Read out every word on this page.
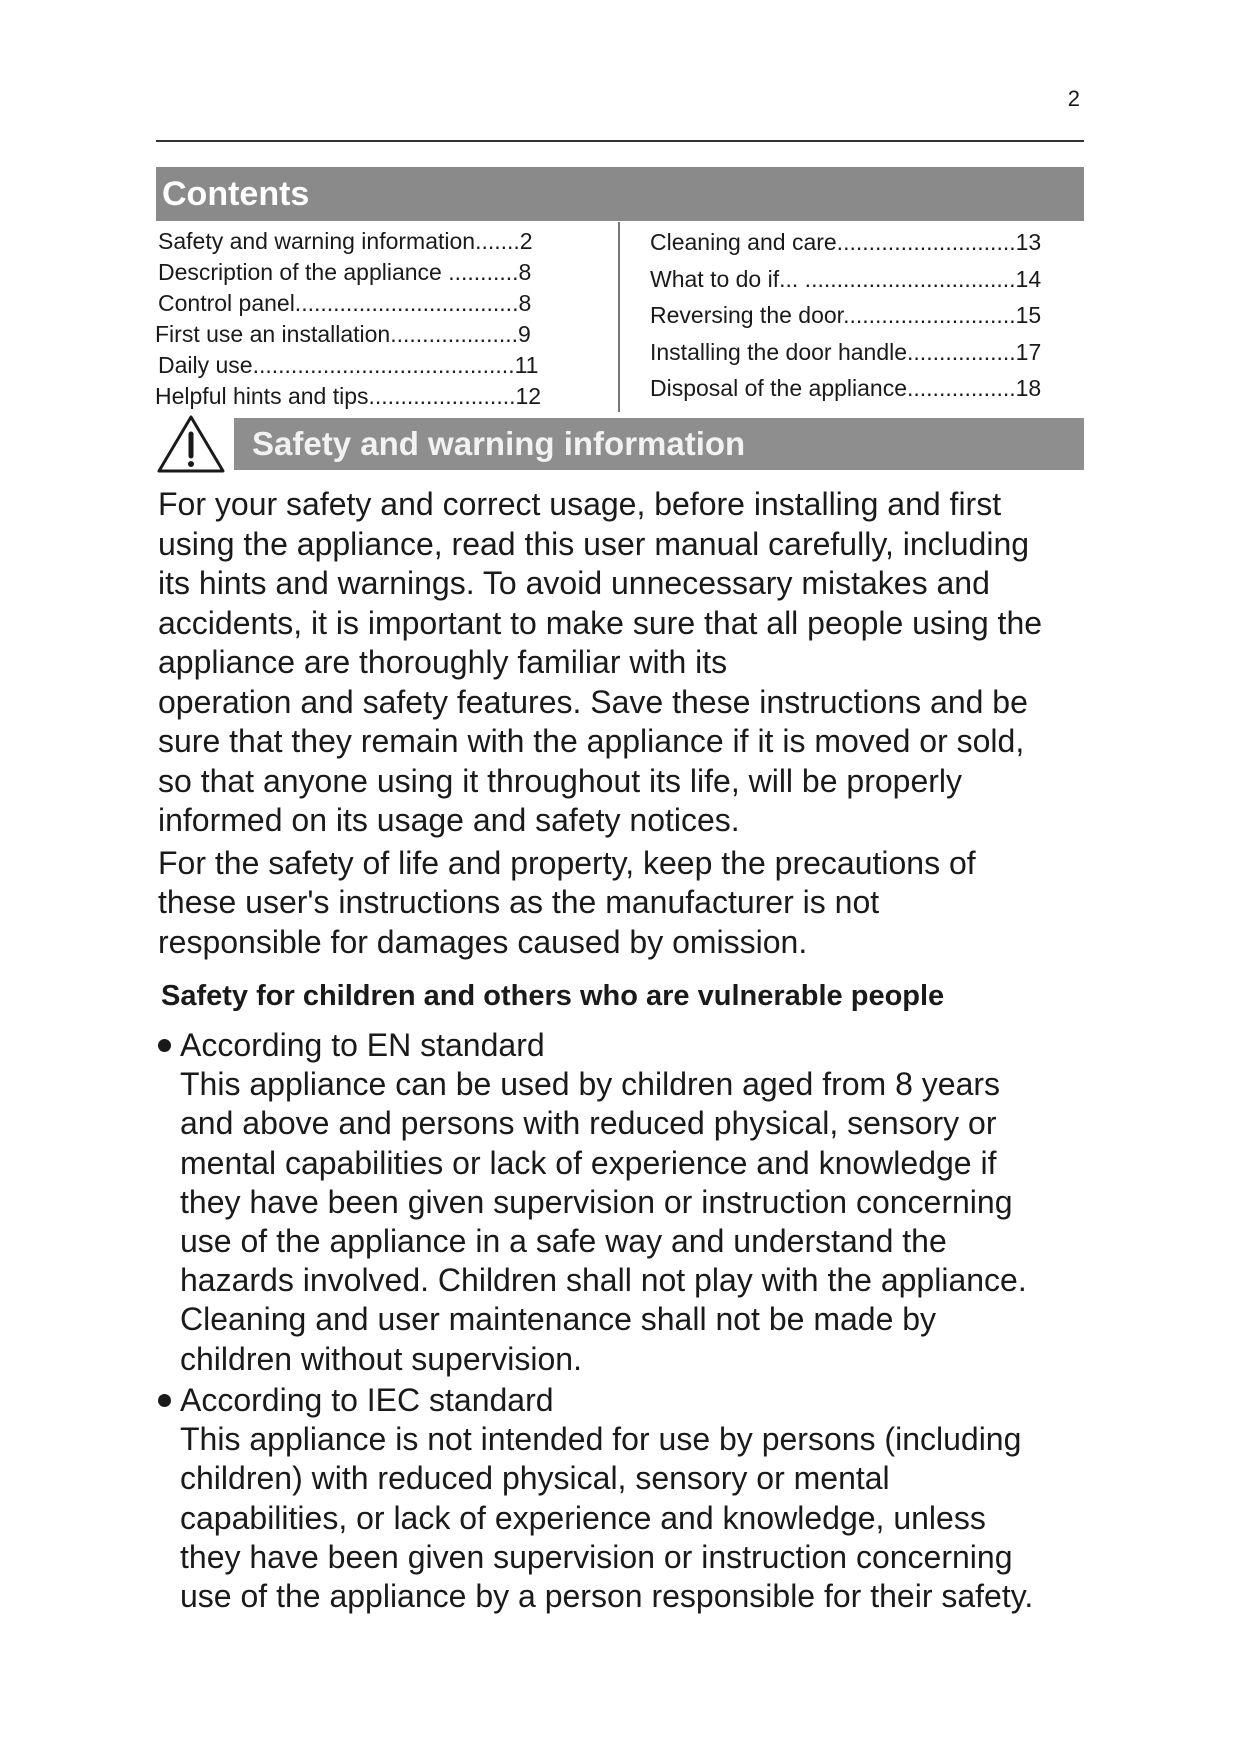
2
Contents
Safety and warning information.......2
Description of the appliance ...........8
Control panel...................................8
First use an installation....................9
Daily use.........................................11
Helpful hints and tips.......................12
Cleaning and care............................13
What to do if... .................................14
Reversing the door...........................15
Installing the door handle.................17
Disposal of the appliance.................18
Safety and warning information

For your safety and correct usage, before installing and first
using the appliance, read this user manual carefully, including
its hints and warnings. To avoid unnecessary mistakes and
accidents, it is important to make sure that all people using the
appliance are thoroughly familiar with its
operation and safety features. Save these instructions and be
sure that they remain with the appliance if it is moved or sold,
so that anyone using it throughout its life, will be properly
informed on its usage and safety notices.

For the safety of life and property, keep the precautions of
these user's instructions as the manufacturer is not
responsible for damages caused by omission.

Safety for children and others who are vulnerable people
According to EN standard

This appliance can be used by children aged from 8 years
and above and persons with reduced physical, sensory or
mental capabilities or lack of experience and knowledge if
they have been given supervision or instruction concerning
use of the appliance in a safe way and understand the
hazards involved. Children shall not play with the appliance.
Cleaning and user maintenance shall not be made by
children without supervision.

According to IEC standard

This appliance is not intended for use by persons (including
children) with reduced physical, sensory or mental
capabilities, or lack of experience and knowledge, unless
they have been given supervision or instruction concerning
use of the appliance by a person responsible for their safety.
